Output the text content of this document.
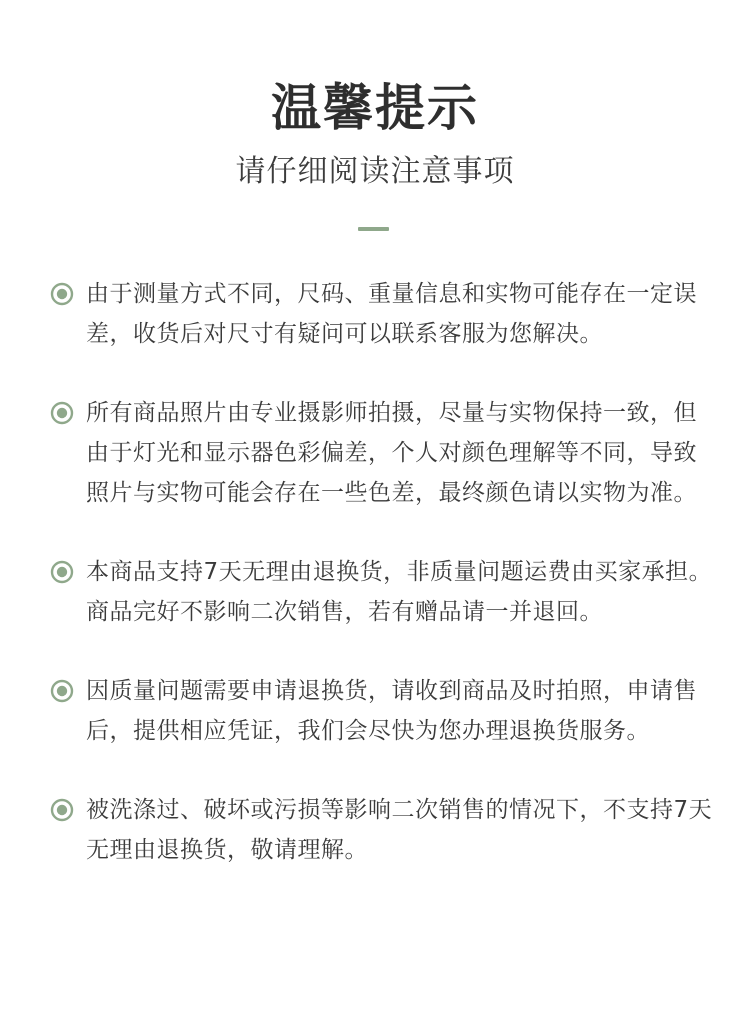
温馨提示
请仔细阅读注意事项
由于测量方式不同，尺码、重量信息和实物可能存在一定误差，收货后对尺寸有疑问可以联系客服为您解决。
所有商品照片由专业摄影师拍摄，尽量与实物保持一致，但由于灯光和显示器色彩偏差，个人对颜色理解等不同，导致照片与实物可能会存在一些色差，最终颜色请以实物为准。
本商品支持7天无理由退换货，非质量问题运费由买家承担。商品完好不影响二次销售，若有赠品请一并退回。
因质量问题需要申请退换货，请收到商品及时拍照，申请售后，提供相应凭证，我们会尽快为您办理退换货服务。
被洗涤过、破坏或污损等影响二次销售的情况下，不支持7天无理由退换货，敬请理解。
